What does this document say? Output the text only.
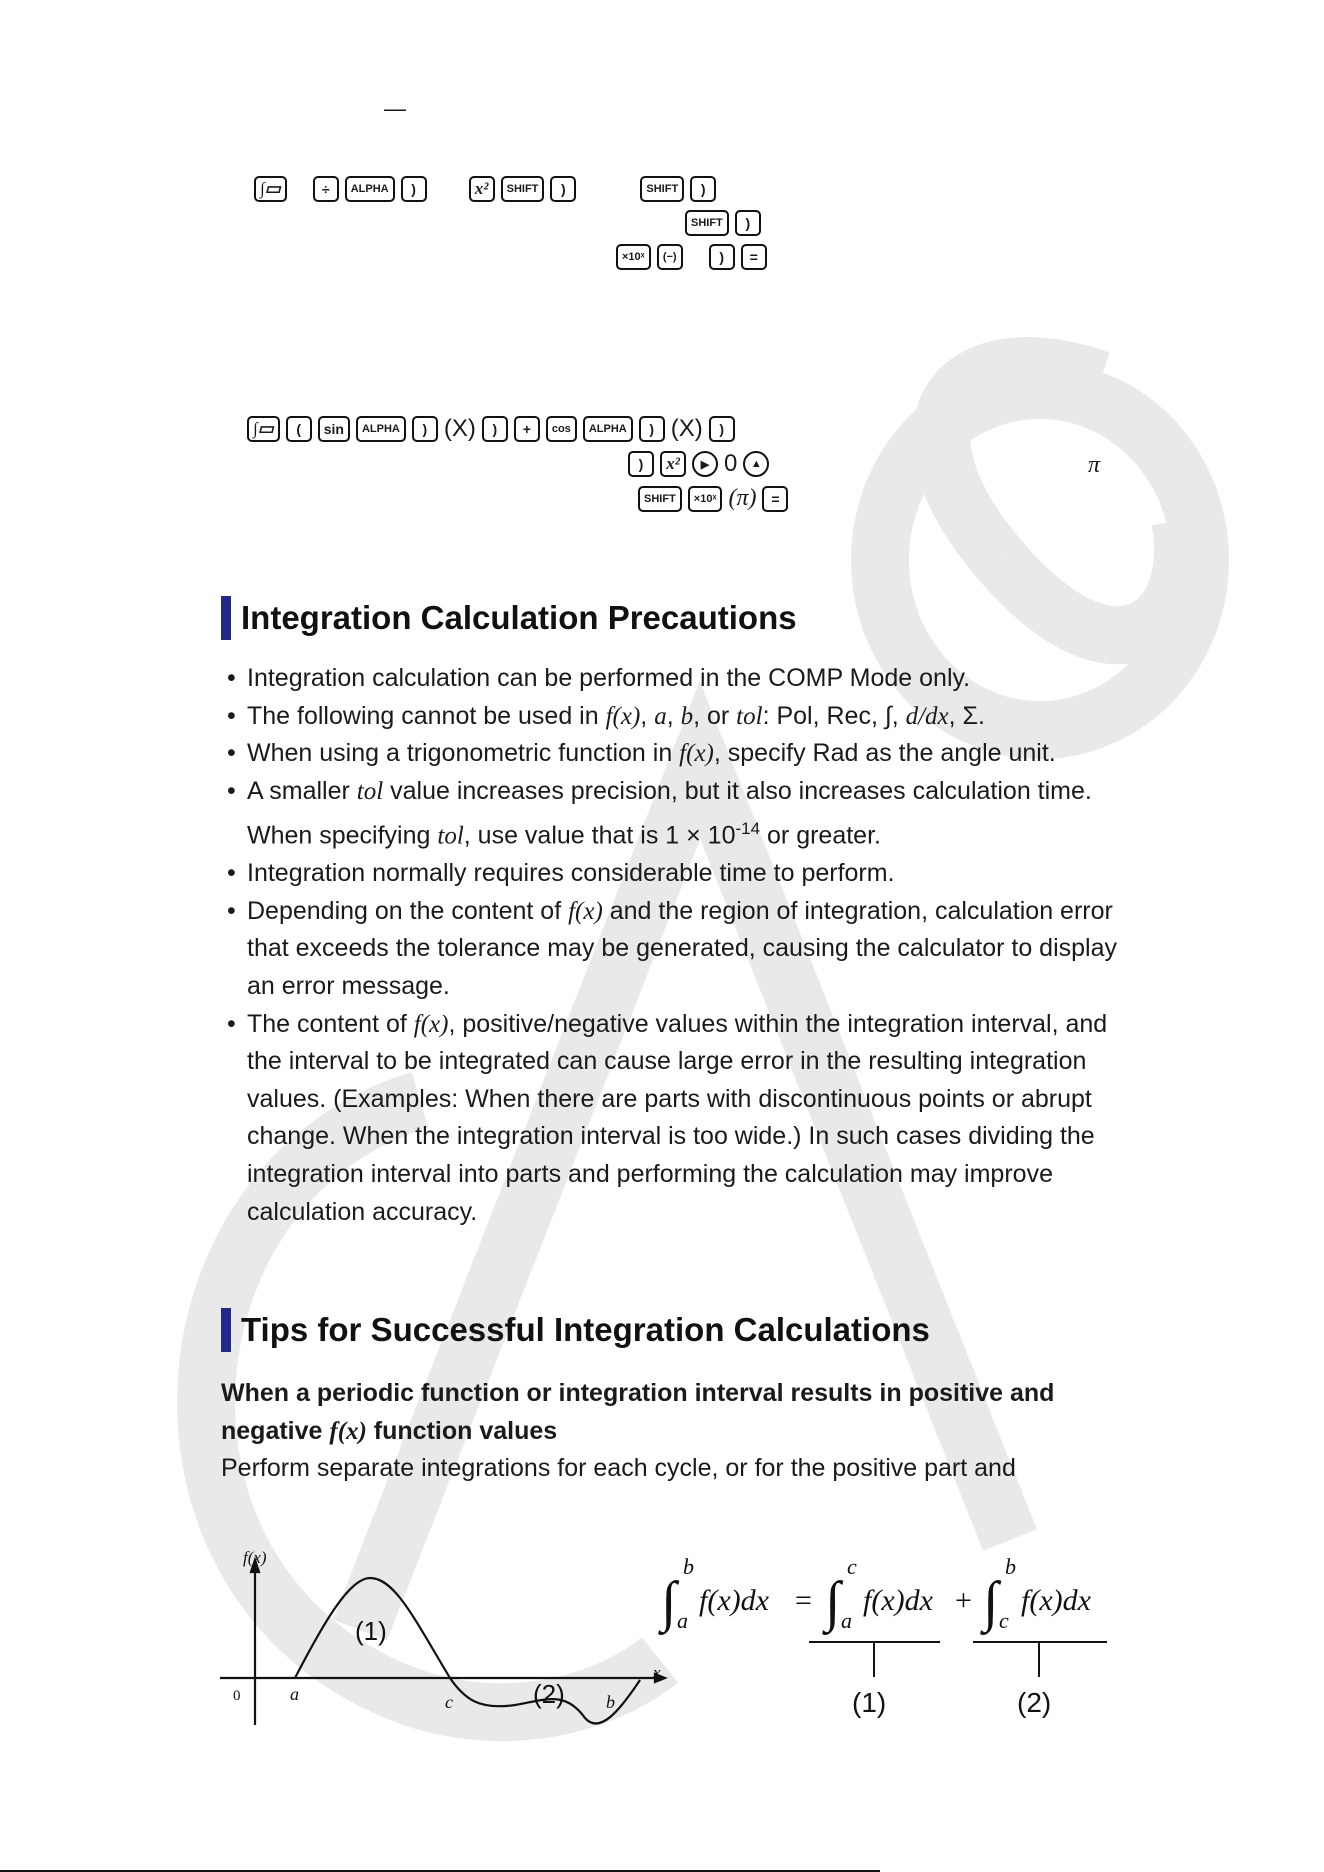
—
∫▭	÷	ALPHA	)	x²	SHIFT	)	SHIFT	)
SHIFT	)
×10ˣ	(−)	)	=
∫▭	(	sin	ALPHA	) (X)	)	+	cos	ALPHA	) (X)	)
)	x²	▶ 0	▲	π
SHIFT	×10ˣ (π)	=
Integration Calculation Precautions
• Integration calculation can be performed in the COMP Mode only.
• The following cannot be used in f(x), a, b, or tol: Pol, Rec, ∫, d/dx, Σ.
• When using a trigonometric function in f(x), specify Rad as the angle unit.
• A smaller tol value increases precision, but it also increases calculation time. When specifying tol, use value that is $1 \times 10^{-14}$ or greater.
• Integration normally requires considerable time to perform.
• Depending on the content of f(x) and the region of integration, calculation error that exceeds the tolerance may be generated, causing the calculator to display an error message.
• The content of f(x), positive/negative values within the integration interval, and the interval to be integrated can cause large error in the resulting integration values. (Examples: When there are parts with discontinuous points or abrupt change. When the integration interval is too wide.) In such cases dividing the integration interval into parts and performing the calculation may improve calculation accuracy.
Tips for Successful Integration Calculations
When a periodic function or integration interval results in positive and negative f(x) function values
Perform separate integrations for each cycle, or for the positive part and
f(x)
x
0	a	c	b
(1)
(2)
∫
b
a
f(x)dx = ∫
c
a
f(x)dx + ∫
b
c
f(x)dx
(1)	(2)
